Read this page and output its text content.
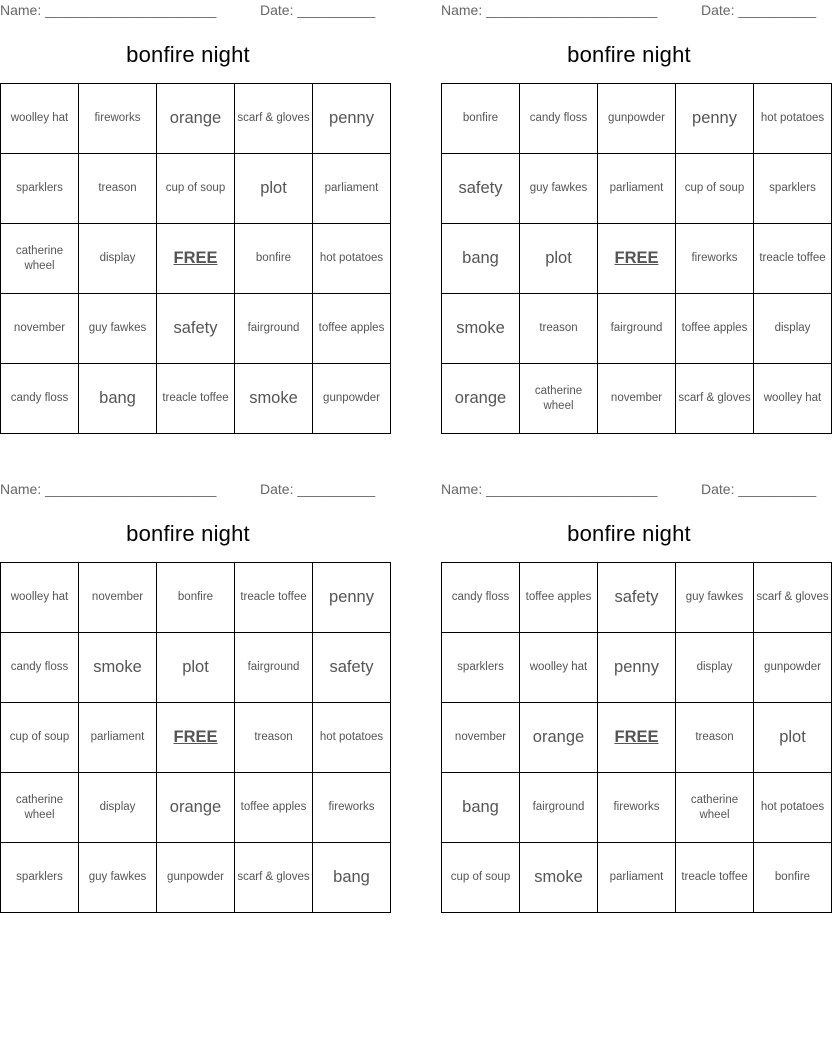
Name: ______________________	Date: __________
bonfire night
woolley hat	fireworks	orange	scarf & gloves	penny
sparklers	treason	cup of soup	plot	parliament
catherine wheel	display	FREE	bonfire	hot potatoes
november	guy fawkes	safety	fairground	toffee apples
candy floss	bang	treacle toffee	smoke	gunpowder
Name: ______________________	Date: __________
bonfire night
bonfire	candy floss	gunpowder	penny	hot potatoes
safety	guy fawkes	parliament	cup of soup	sparklers
bang	plot	FREE	fireworks	treacle toffee
smoke	treason	fairground	toffee apples	display
orange	catherine wheel	november	scarf & gloves	woolley hat
Name: ______________________	Date: __________
bonfire night
woolley hat	november	bonfire	treacle toffee	penny
candy floss	smoke	plot	fairground	safety
cup of soup	parliament	FREE	treason	hot potatoes
catherine wheel	display	orange	toffee apples	fireworks
sparklers	guy fawkes	gunpowder	scarf & gloves	bang
Name: ______________________	Date: __________
bonfire night
candy floss	toffee apples	safety	guy fawkes	scarf & gloves
sparklers	woolley hat	penny	display	gunpowder
november	orange	FREE	treason	plot
bang	fairground	fireworks	catherine wheel	hot potatoes
cup of soup	smoke	parliament	treacle toffee	bonfire
